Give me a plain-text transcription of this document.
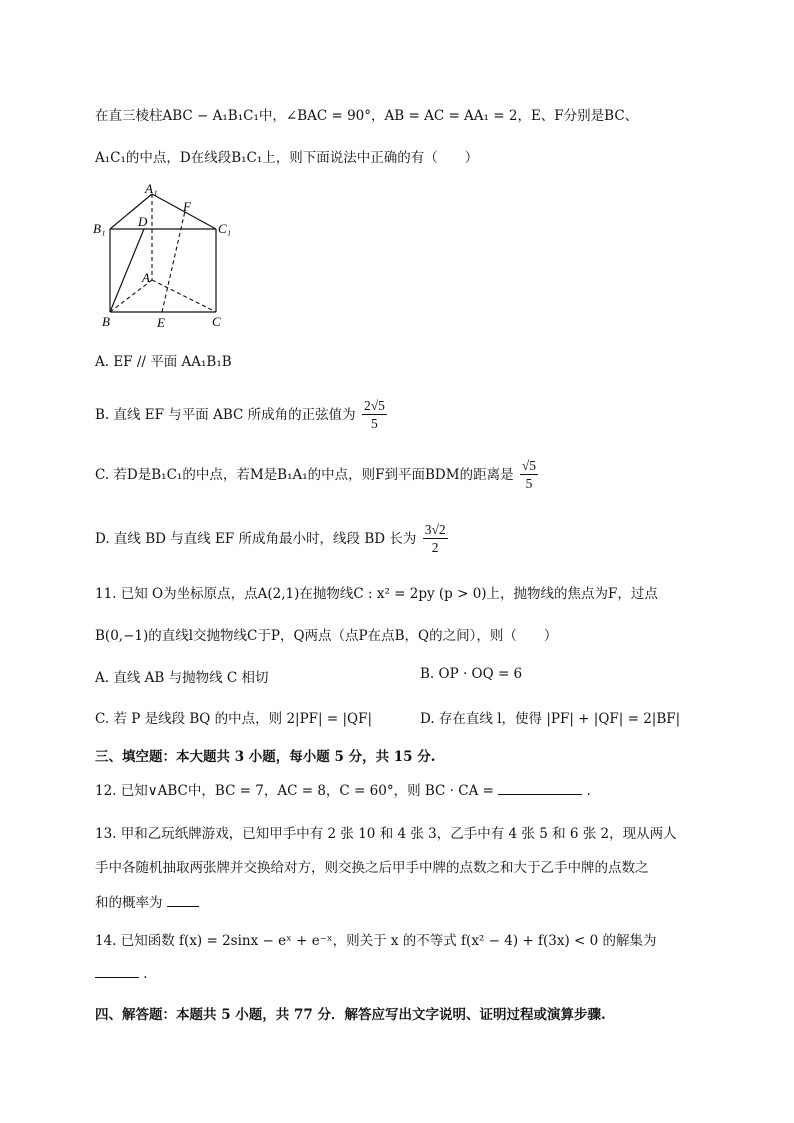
在直三棱柱ABC − A₁B₁C₁中，∠BAC = 90°，AB = AC = AA₁ = 2，E、F分别是BC、
A₁C₁的中点，D在线段B₁C₁上，则下面说法中正确的有（　　）
A₁
F
B₁	D	C₁
A
B	E	C
A. EF // 平面 AA₁B₁B
B. 直线 EF 与平面 ABC 所成角的正弦值为 $\frac{2√5}{5}$
C. 若D是B₁C₁的中点，若M是B₁A₁的中点，则F到平面BDM的距离是 $\frac{√5}{5}$
D. 直线 BD 与直线 EF 所成角最小时，线段 BD 长为 $\frac{3√2}{2}$
11. 已知 O为坐标原点，点A(2,1)在抛物线C : x² = 2py (p > 0)上，抛物线的焦点为F，过点
B(0,−1)的直线l交抛物线C于P，Q两点（点P在点B，Q的之间），则（　　）
A. 直线 AB 与抛物线 C 相切	B. OP · OQ = 6
C. 若 P 是线段 BQ 的中点，则 2|PF| = |QF|	D. 存在直线 l，使得 |PF| + |QF| = 2|BF|
三、填空题：本大题共 3 小题，每小题 5 分，共 15 分.
12. 已知∨ABC中，BC = 7，AC = 8，C = 60°，则 BC · CA =	.
13. 甲和乙玩纸牌游戏，已知甲手中有 2 张 10 和 4 张 3，乙手中有 4 张 5 和 6 张 2，现从两人
手中各随机抽取两张牌并交换给对方，则交换之后甲手中牌的点数之和大于乙手中牌的点数之
和的概率为
14. 已知函数 f(x) = 2sinx − eˣ + e⁻ˣ，则关于 x 的不等式 f(x² − 4) + f(3x) < 0 的解集为
.
四、解答题：本题共 5 小题，共 77 分．解答应写出文字说明、证明过程或演算步骤.
